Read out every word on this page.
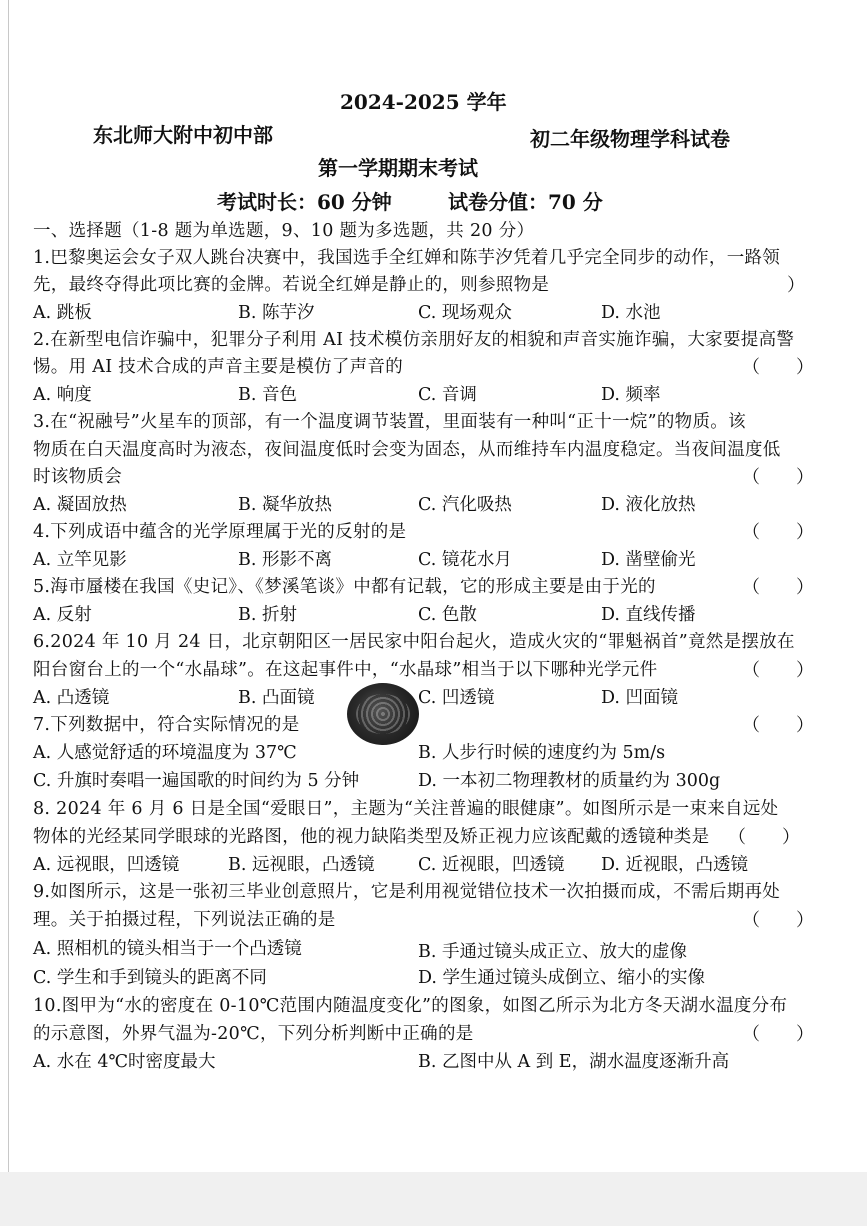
2024-2025 学年
东北师大附中初中部	初二年级物理学科试卷
第一学期期末考试
考试时长：60 分钟	试卷分值：70 分
一、选择题（1-8 题为单选题，9、10 题为多选题，共 20 分）
1.巴黎奥运会女子双人跳台决赛中，我国选手全红婵和陈芋汐凭着几乎完全同步的动作，一路领
先，最终夺得此项比赛的金牌。若说全红婵是静止的，则参照物是	）
A. 跳板	B. 陈芋汐	C. 现场观众	D. 水池
2.在新型电信诈骗中，犯罪分子利用 AI 技术模仿亲朋好友的相貌和声音实施诈骗，大家要提高警
惕。用 AI 技术合成的声音主要是模仿了声音的	（　　）
A. 响度	B. 音色	C. 音调	D. 频率
3.在“祝融号”火星车的顶部，有一个温度调节装置，里面装有一种叫“正十一烷”的物质。该
物质在白天温度高时为液态，夜间温度低时会变为固态，从而维持车内温度稳定。当夜间温度低
时该物质会	（　　）
A. 凝固放热	B. 凝华放热	C. 汽化吸热	D. 液化放热
4.下列成语中蕴含的光学原理属于光的反射的是	（　　）
A. 立竿见影	B. 形影不离	C. 镜花水月	D. 凿壁偷光
5.海市蜃楼在我国《史记》、《梦溪笔谈》中都有记载，它的形成主要是由于光的	（　　）
A. 反射	B. 折射	C. 色散	D. 直线传播
6.2024 年 10 月 24 日，北京朝阳区一居民家中阳台起火，造成火灾的“罪魁祸首”竟然是摆放在
阳台窗台上的一个“水晶球”。在这起事件中，“水晶球”相当于以下哪种光学元件	（　　）
A. 凸透镜	B. 凸面镜	C. 凹透镜	D. 凹面镜
7.下列数据中，符合实际情况的是	（　　）
A. 人感觉舒适的环境温度为 37℃	B. 人步行时候的速度约为 5m/s
C. 升旗时奏唱一遍国歌的时间约为 5 分钟	D. 一本初二物理教材的质量约为 300g
8. 2024 年 6 月 6 日是全国“爱眼日”，主题为“关注普遍的眼健康”。如图所示是一束来自远处
物体的光经某同学眼球的光路图，他的视力缺陷类型及矫正视力应该配戴的透镜种类是 （　　）
A. 远视眼，凹透镜	B. 远视眼，凸透镜 C. 近视眼，凹透镜 D. 近视眼，凸透镜
9.如图所示，这是一张初三毕业创意照片，它是利用视觉错位技术一次拍摄而成，不需后期再处
理。关于拍摄过程，下列说法正确的是	（　　）
A. 照相机的镜头相当于一个凸透镜	B. 手通过镜头成正立、放大的虚像
C. 学生和手到镜头的距离不同	D. 学生通过镜头成倒立、缩小的实像
10.图甲为“水的密度在 0-10℃范围内随温度变化”的图象，如图乙所示为北方冬天湖水温度分布
的示意图，外界气温为-20℃，下列分析判断中正确的是	（　　）
A. 水在 4℃时密度最大	B. 乙图中从 A 到 E，湖水温度逐渐升高
